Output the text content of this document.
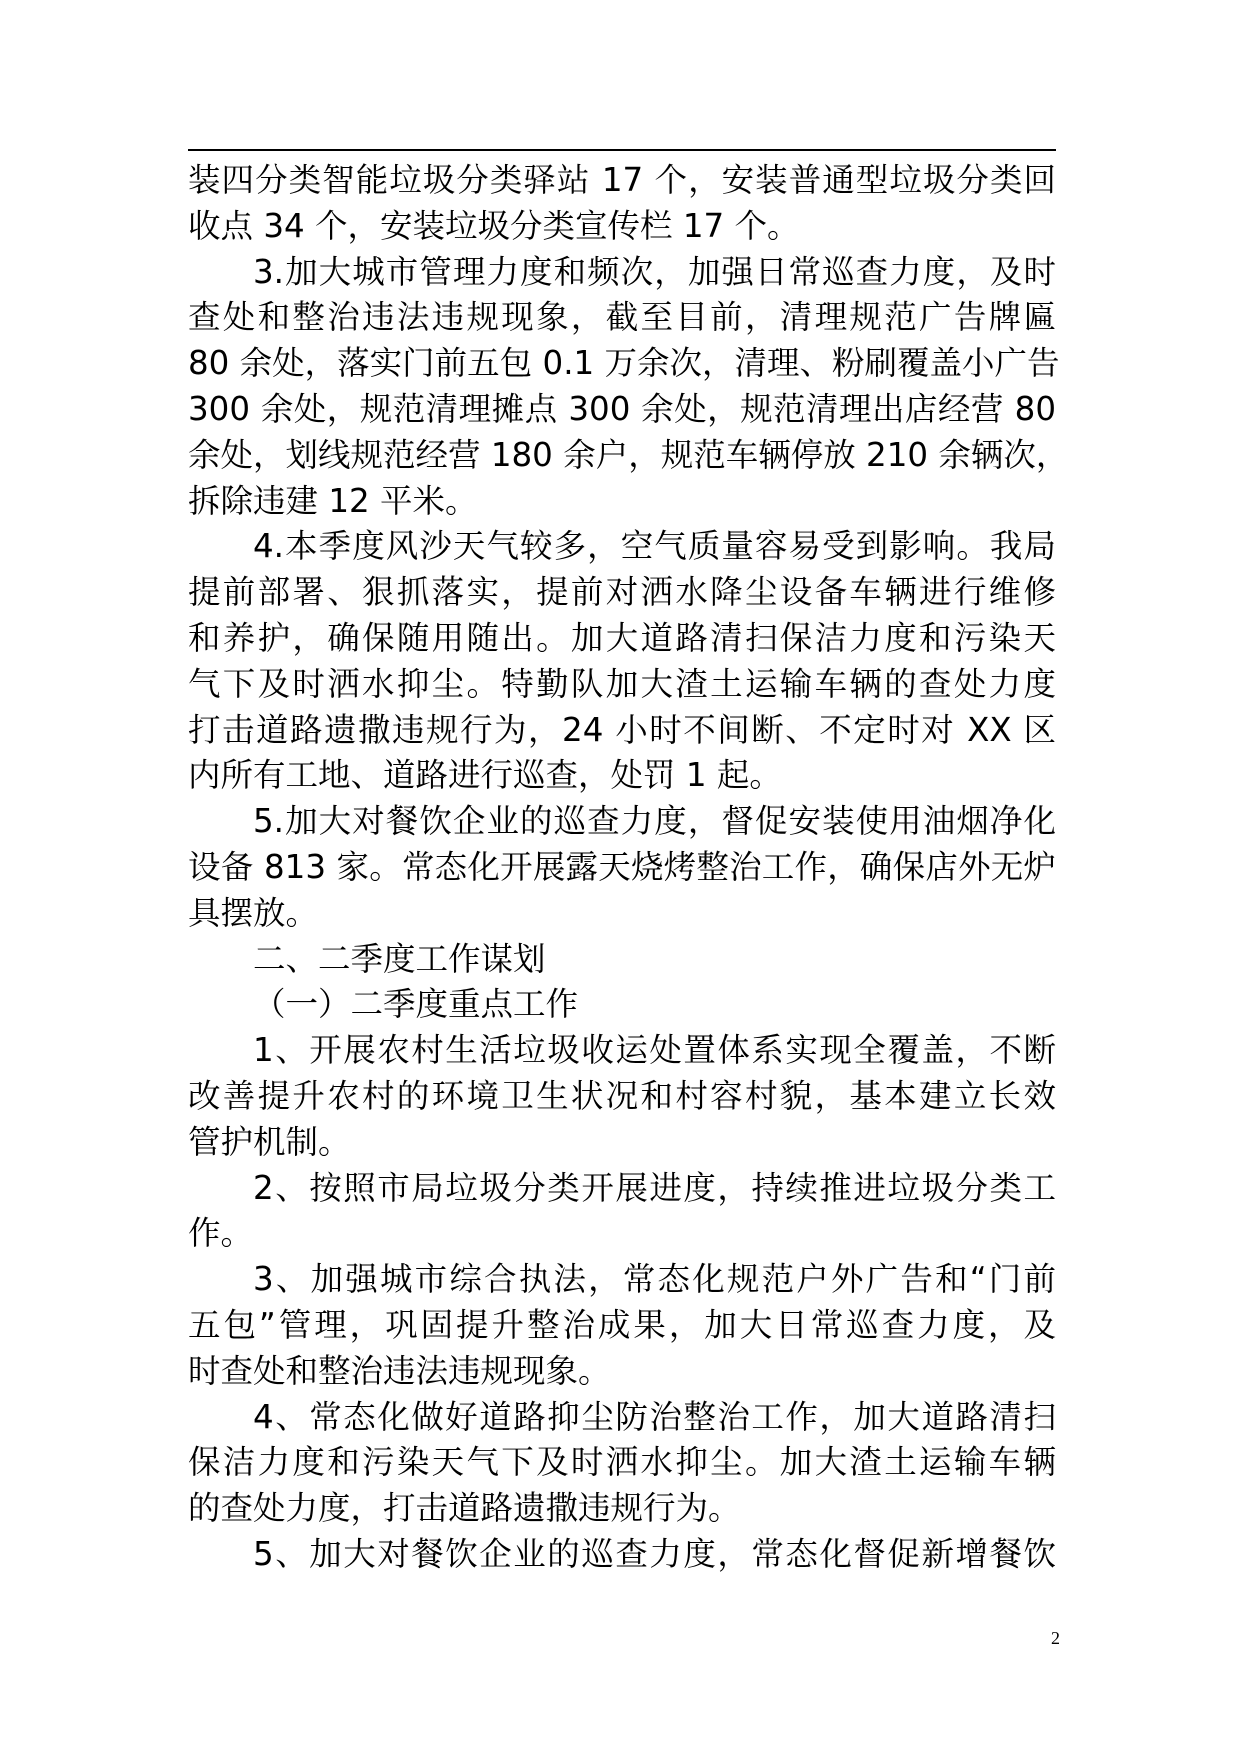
装四分类智能垃圾分类驿站 17 个，安装普通型垃圾分类回
收点 34 个，安装垃圾分类宣传栏 17 个。
3.加大城市管理力度和频次，加强日常巡查力度，及时
查处和整治违法违规现象，截至目前，清理规范广告牌匾
80 余处，落实门前五包 0.1 万余次，清理、粉刷覆盖小广告
300 余处，规范清理摊点 300 余处，规范清理出店经营 80
余处，划线规范经营 180 余户，规范车辆停放 210 余辆次，
拆除违建 12 平米。
4.本季度风沙天气较多，空气质量容易受到影响。我局
提前部署、狠抓落实，提前对洒水降尘设备车辆进行维修
和养护，确保随用随出。加大道路清扫保洁力度和污染天
气下及时洒水抑尘。特勤队加大渣土运输车辆的查处力度
打击道路遗撒违规行为，24 小时不间断、不定时对 XX 区
内所有工地、道路进行巡查，处罚 1 起。
5.加大对餐饮企业的巡查力度，督促安装使用油烟净化
设备 813 家。常态化开展露天烧烤整治工作，确保店外无炉
具摆放。
二、二季度工作谋划
（一）二季度重点工作
1、开展农村生活垃圾收运处置体系实现全覆盖，不断
改善提升农村的环境卫生状况和村容村貌，基本建立长效
管护机制。
2、按照市局垃圾分类开展进度，持续推进垃圾分类工
作。
3、加强城市综合执法，常态化规范户外广告和“门前
五包”管理，巩固提升整治成果，加大日常巡查力度，及
时查处和整治违法违规现象。
4、常态化做好道路抑尘防治整治工作，加大道路清扫
保洁力度和污染天气下及时洒水抑尘。加大渣土运输车辆
的查处力度，打击道路遗撒违规行为。
5、加大对餐饮企业的巡查力度，常态化督促新增餐饮
2
